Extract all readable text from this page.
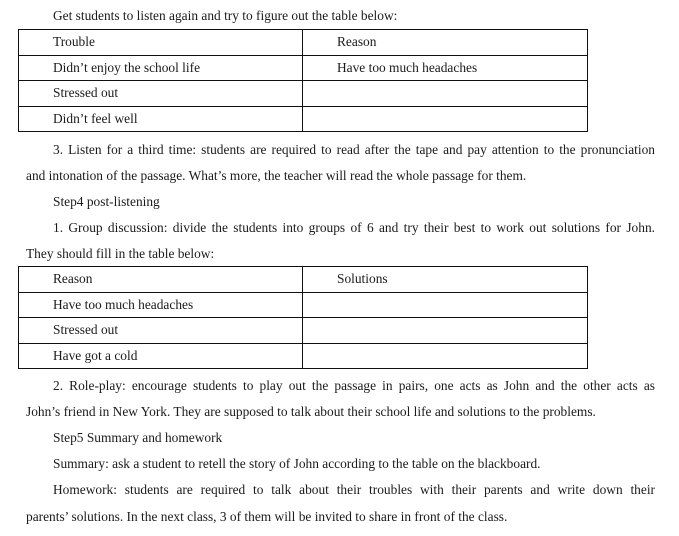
Get students to listen again and try to figure out the table below:
Trouble	Reason
Didn’t enjoy the school life	Have too much headaches
Stressed out	
Didn’t feel well	
3. Listen for a third time: students are required to read after the tape and pay attention to the pronunciation
and intonation of the passage. What’s more, the teacher will read the whole passage for them.
Step4 post-listening
1. Group discussion: divide the students into groups of 6 and try their best to work out solutions for John.
They should fill in the table below:
Reason	Solutions
Have too much headaches	
Stressed out	
Have got a cold	
2. Role-play: encourage students to play out the passage in pairs, one acts as John and the other acts as
John’s friend in New York. They are supposed to talk about their school life and solutions to the problems.
Step5 Summary and homework
Summary: ask a student to retell the story of John according to the table on the blackboard.
Homework: students are required to talk about their troubles with their parents and write down their
parents’ solutions. In the next class, 3 of them will be invited to share in front of the class.
